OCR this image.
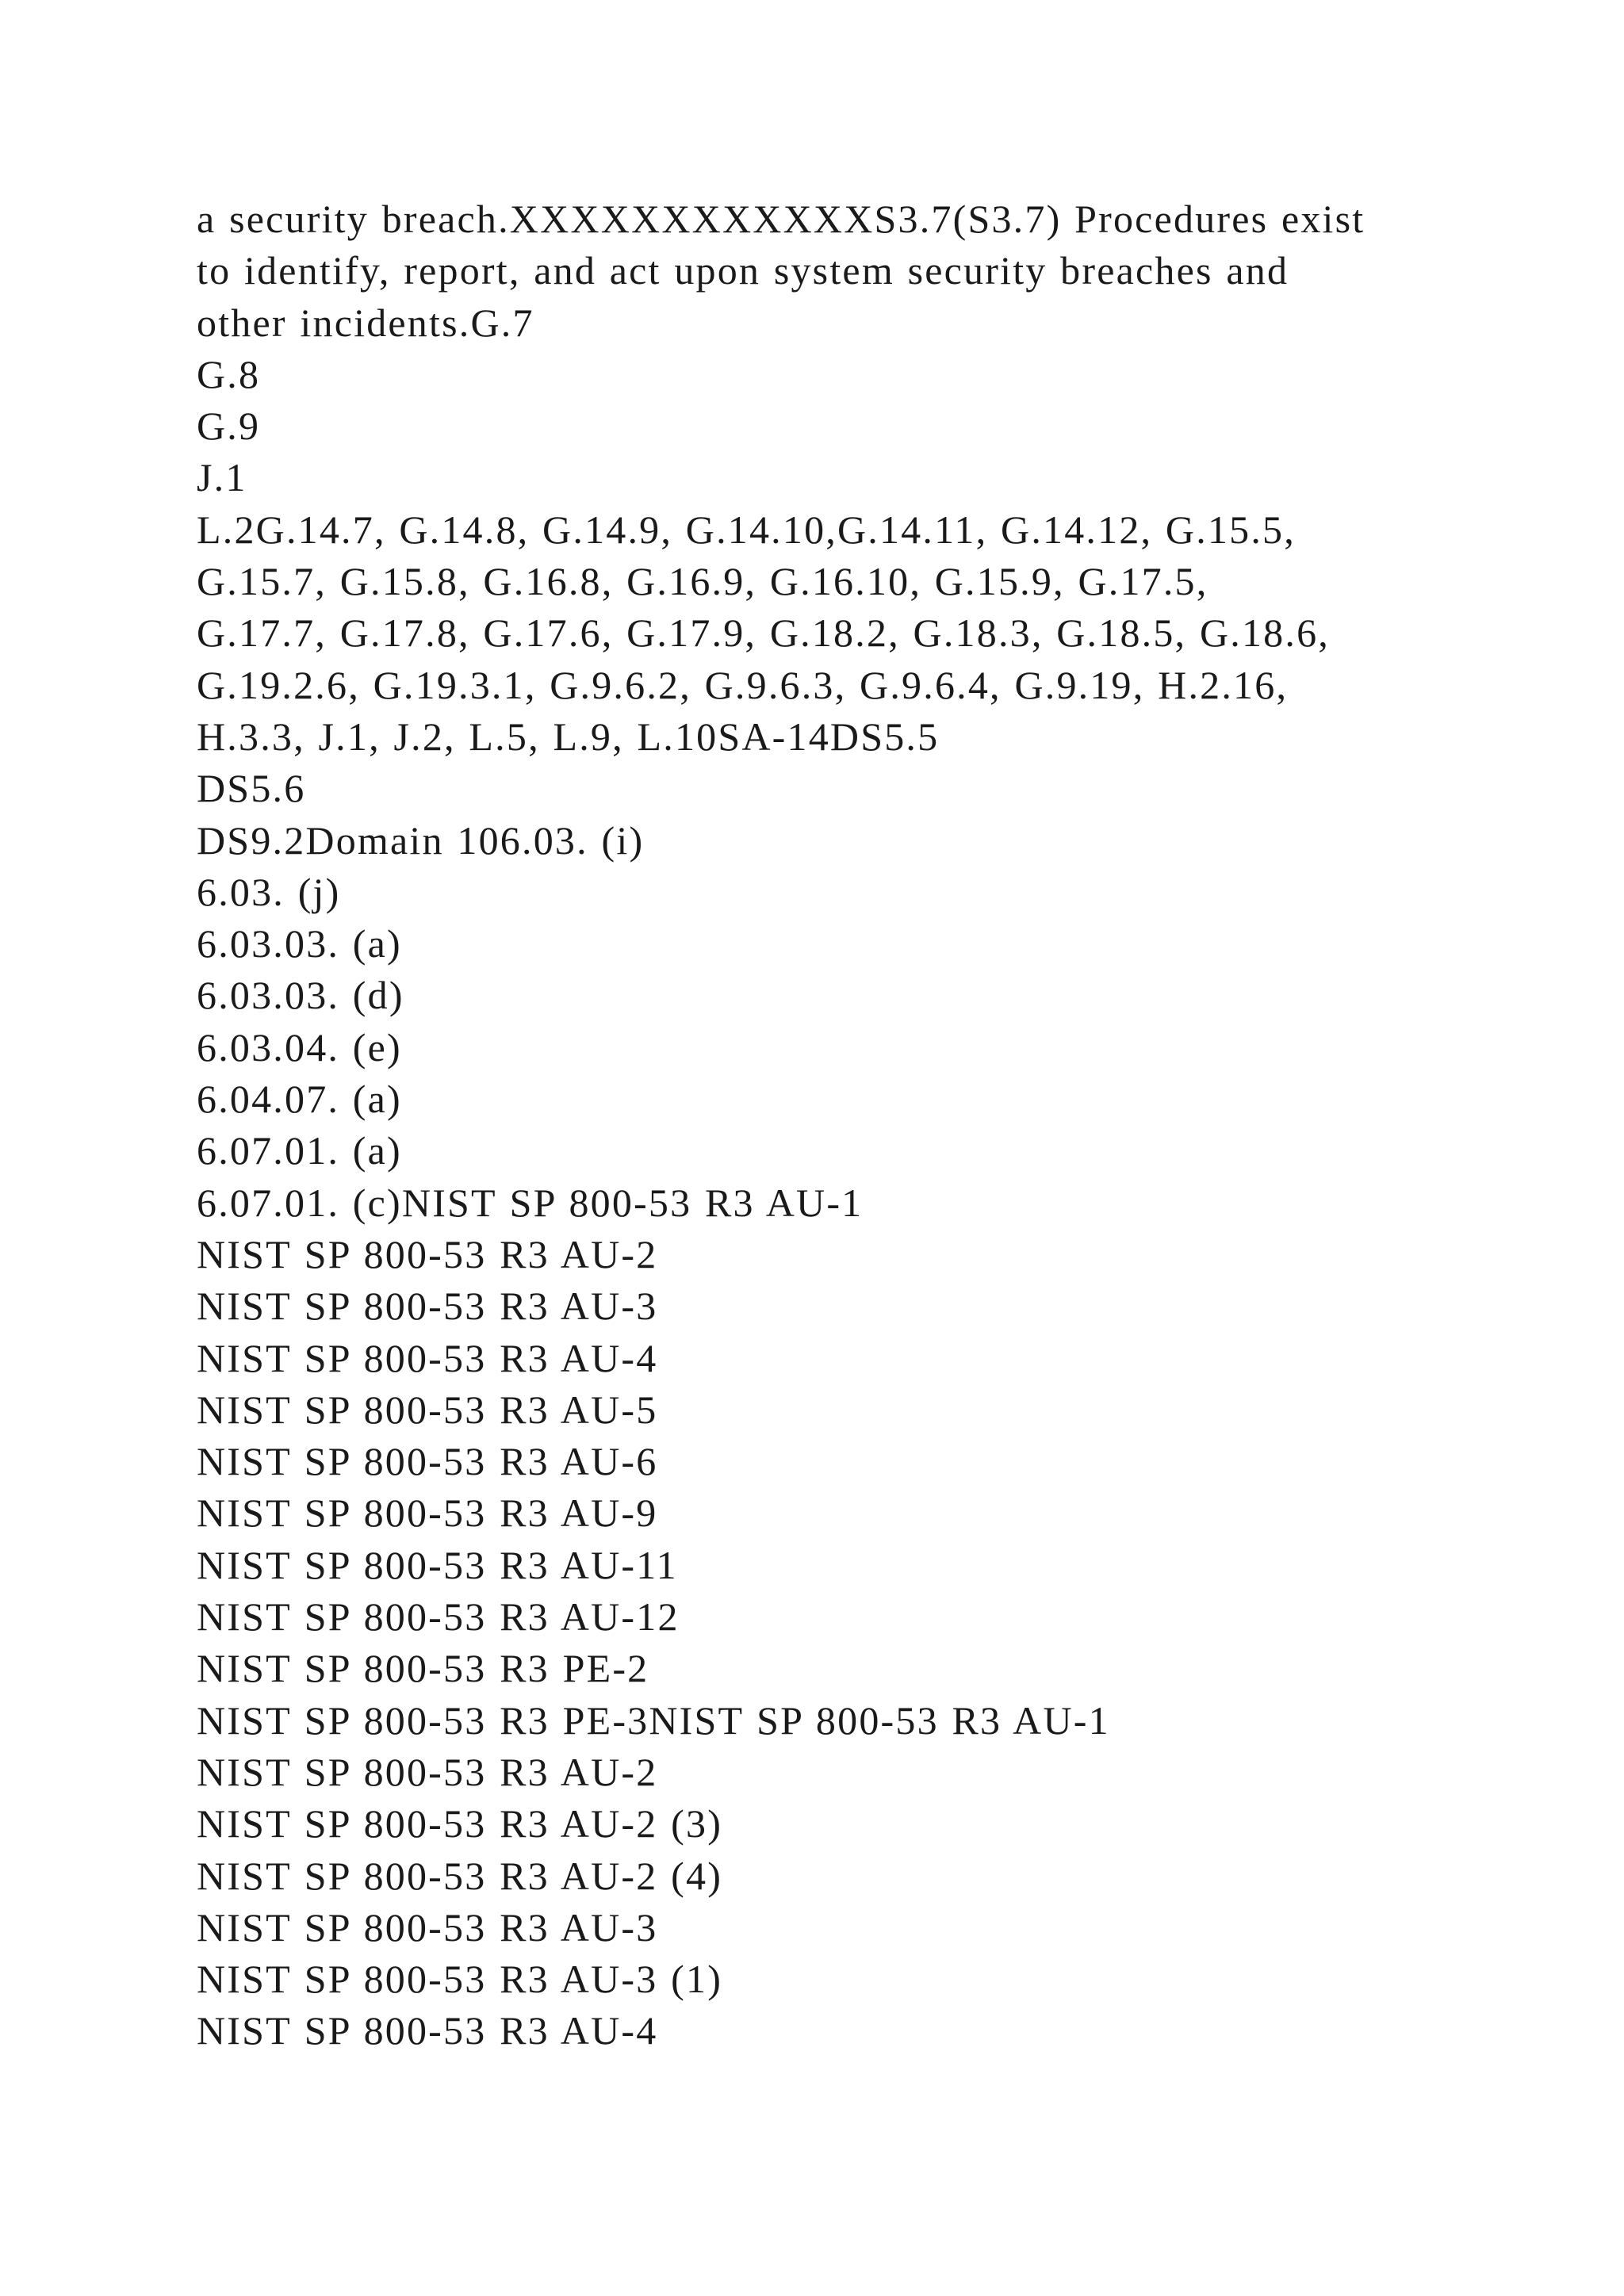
a security breach.XXXXXXXXXXXXS3.7(S3.7) Procedures exist
to identify, report, and act upon system security breaches and
other incidents.G.7
G.8
G.9
J.1
L.2G.14.7, G.14.8, G.14.9, G.14.10,G.14.11, G.14.12, G.15.5,
G.15.7, G.15.8, G.16.8, G.16.9, G.16.10, G.15.9, G.17.5,
G.17.7, G.17.8, G.17.6, G.17.9, G.18.2, G.18.3, G.18.5, G.18.6,
G.19.2.6, G.19.3.1, G.9.6.2, G.9.6.3, G.9.6.4, G.9.19, H.2.16,
H.3.3, J.1, J.2, L.5, L.9, L.10SA-14DS5.5
DS5.6
DS9.2Domain 106.03. (i)
6.03. (j)
6.03.03. (a)
6.03.03. (d)
6.03.04. (e)
6.04.07. (a)
6.07.01. (a)
6.07.01. (c)NIST SP 800-53 R3 AU-1
NIST SP 800-53 R3 AU-2
NIST SP 800-53 R3 AU-3
NIST SP 800-53 R3 AU-4
NIST SP 800-53 R3 AU-5
NIST SP 800-53 R3 AU-6
NIST SP 800-53 R3 AU-9
NIST SP 800-53 R3 AU-11
NIST SP 800-53 R3 AU-12
NIST SP 800-53 R3 PE-2
NIST SP 800-53 R3 PE-3NIST SP 800-53 R3 AU-1
NIST SP 800-53 R3 AU-2
NIST SP 800-53 R3 AU-2 (3)
NIST SP 800-53 R3 AU-2 (4)
NIST SP 800-53 R3 AU-3
NIST SP 800-53 R3 AU-3 (1)
NIST SP 800-53 R3 AU-4
